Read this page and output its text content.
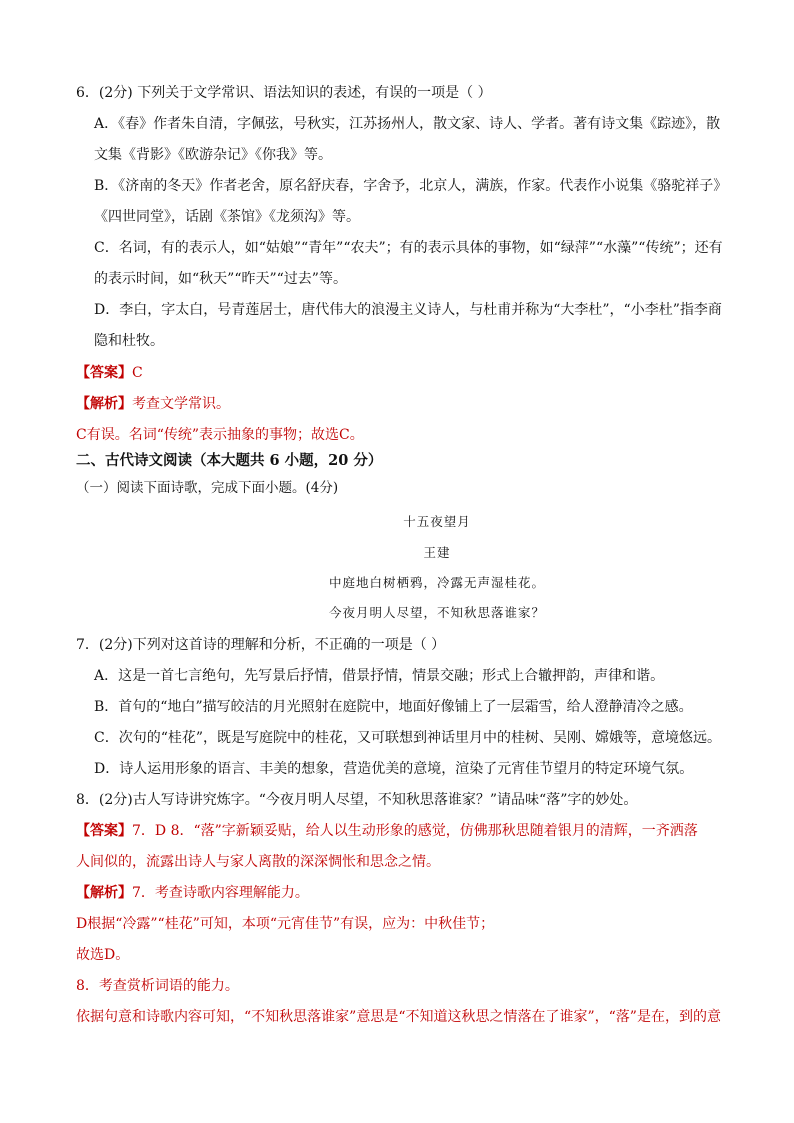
6．(2分) 下列关于文学常识、语法知识的表述，有误的一项是（ ）
A．《春》作者朱自清，字佩弦，号秋实，江苏扬州人，散文家、诗人、学者。著有诗文集《踪迹》，散
文集《背影》《欧游杂记》《你我》等。
B．《济南的冬天》作者老舍，原名舒庆春，字舍予，北京人，满族，作家。代表作小说集《骆驼祥子》
《四世同堂》，话剧《茶馆》《龙须沟》等。
C．名词，有的表示人，如“姑娘”“青年”“农夫”；有的表示具体的事物，如“绿萍”“水藻”“传统”；还有
的表示时间，如“秋天”“昨天”“过去”等。
D．李白，字太白，号青莲居士，唐代伟大的浪漫主义诗人，与杜甫并称为“大李杜”，“小李杜”指李商
隐和杜牧。
【答案】C
【解析】考查文学常识。
C有误。名词“传统”表示抽象的事物；故选C。
二、古代诗文阅读（本大题共 6 小题，20 分）
（一）阅读下面诗歌，完成下面小题。(4分)
十五夜望月
王建
中庭地白树栖鸦，冷露无声湿桂花。
今夜月明人尽望，不知秋思落谁家？
7．(2分)下列对这首诗的理解和分析，不正确的一项是（ ）
A．这是一首七言绝句，先写景后抒情，借景抒情，情景交融；形式上合辙押韵，声律和谐。
B．首句的“地白”描写皎洁的月光照射在庭院中，地面好像铺上了一层霜雪，给人澄静清冷之感。
C．次句的“桂花”，既是写庭院中的桂花，又可联想到神话里月中的桂树、吴刚、嫦娥等，意境悠远。
D．诗人运用形象的语言、丰美的想象，营造优美的意境，渲染了元宵佳节望月的特定环境气氛。
8．(2分)古人写诗讲究炼字。“今夜月明人尽望，不知秋思落谁家？”请品味“落”字的妙处。
【答案】7．D 8．“落”字新颖妥贴，给人以生动形象的感觉，仿佛那秋思随着银月的清辉，一齐洒落
人间似的，流露出诗人与家人离散的深深惆怅和思念之情。
【解析】7．考查诗歌内容理解能力。
D根据“冷露”“桂花”可知，本项“元宵佳节”有误，应为：中秋佳节；
故选D。
8．考查赏析词语的能力。
依据句意和诗歌内容可知，“不知秋思落谁家”意思是“不知道这秋思之情落在了谁家”，“落”是在，到的意
